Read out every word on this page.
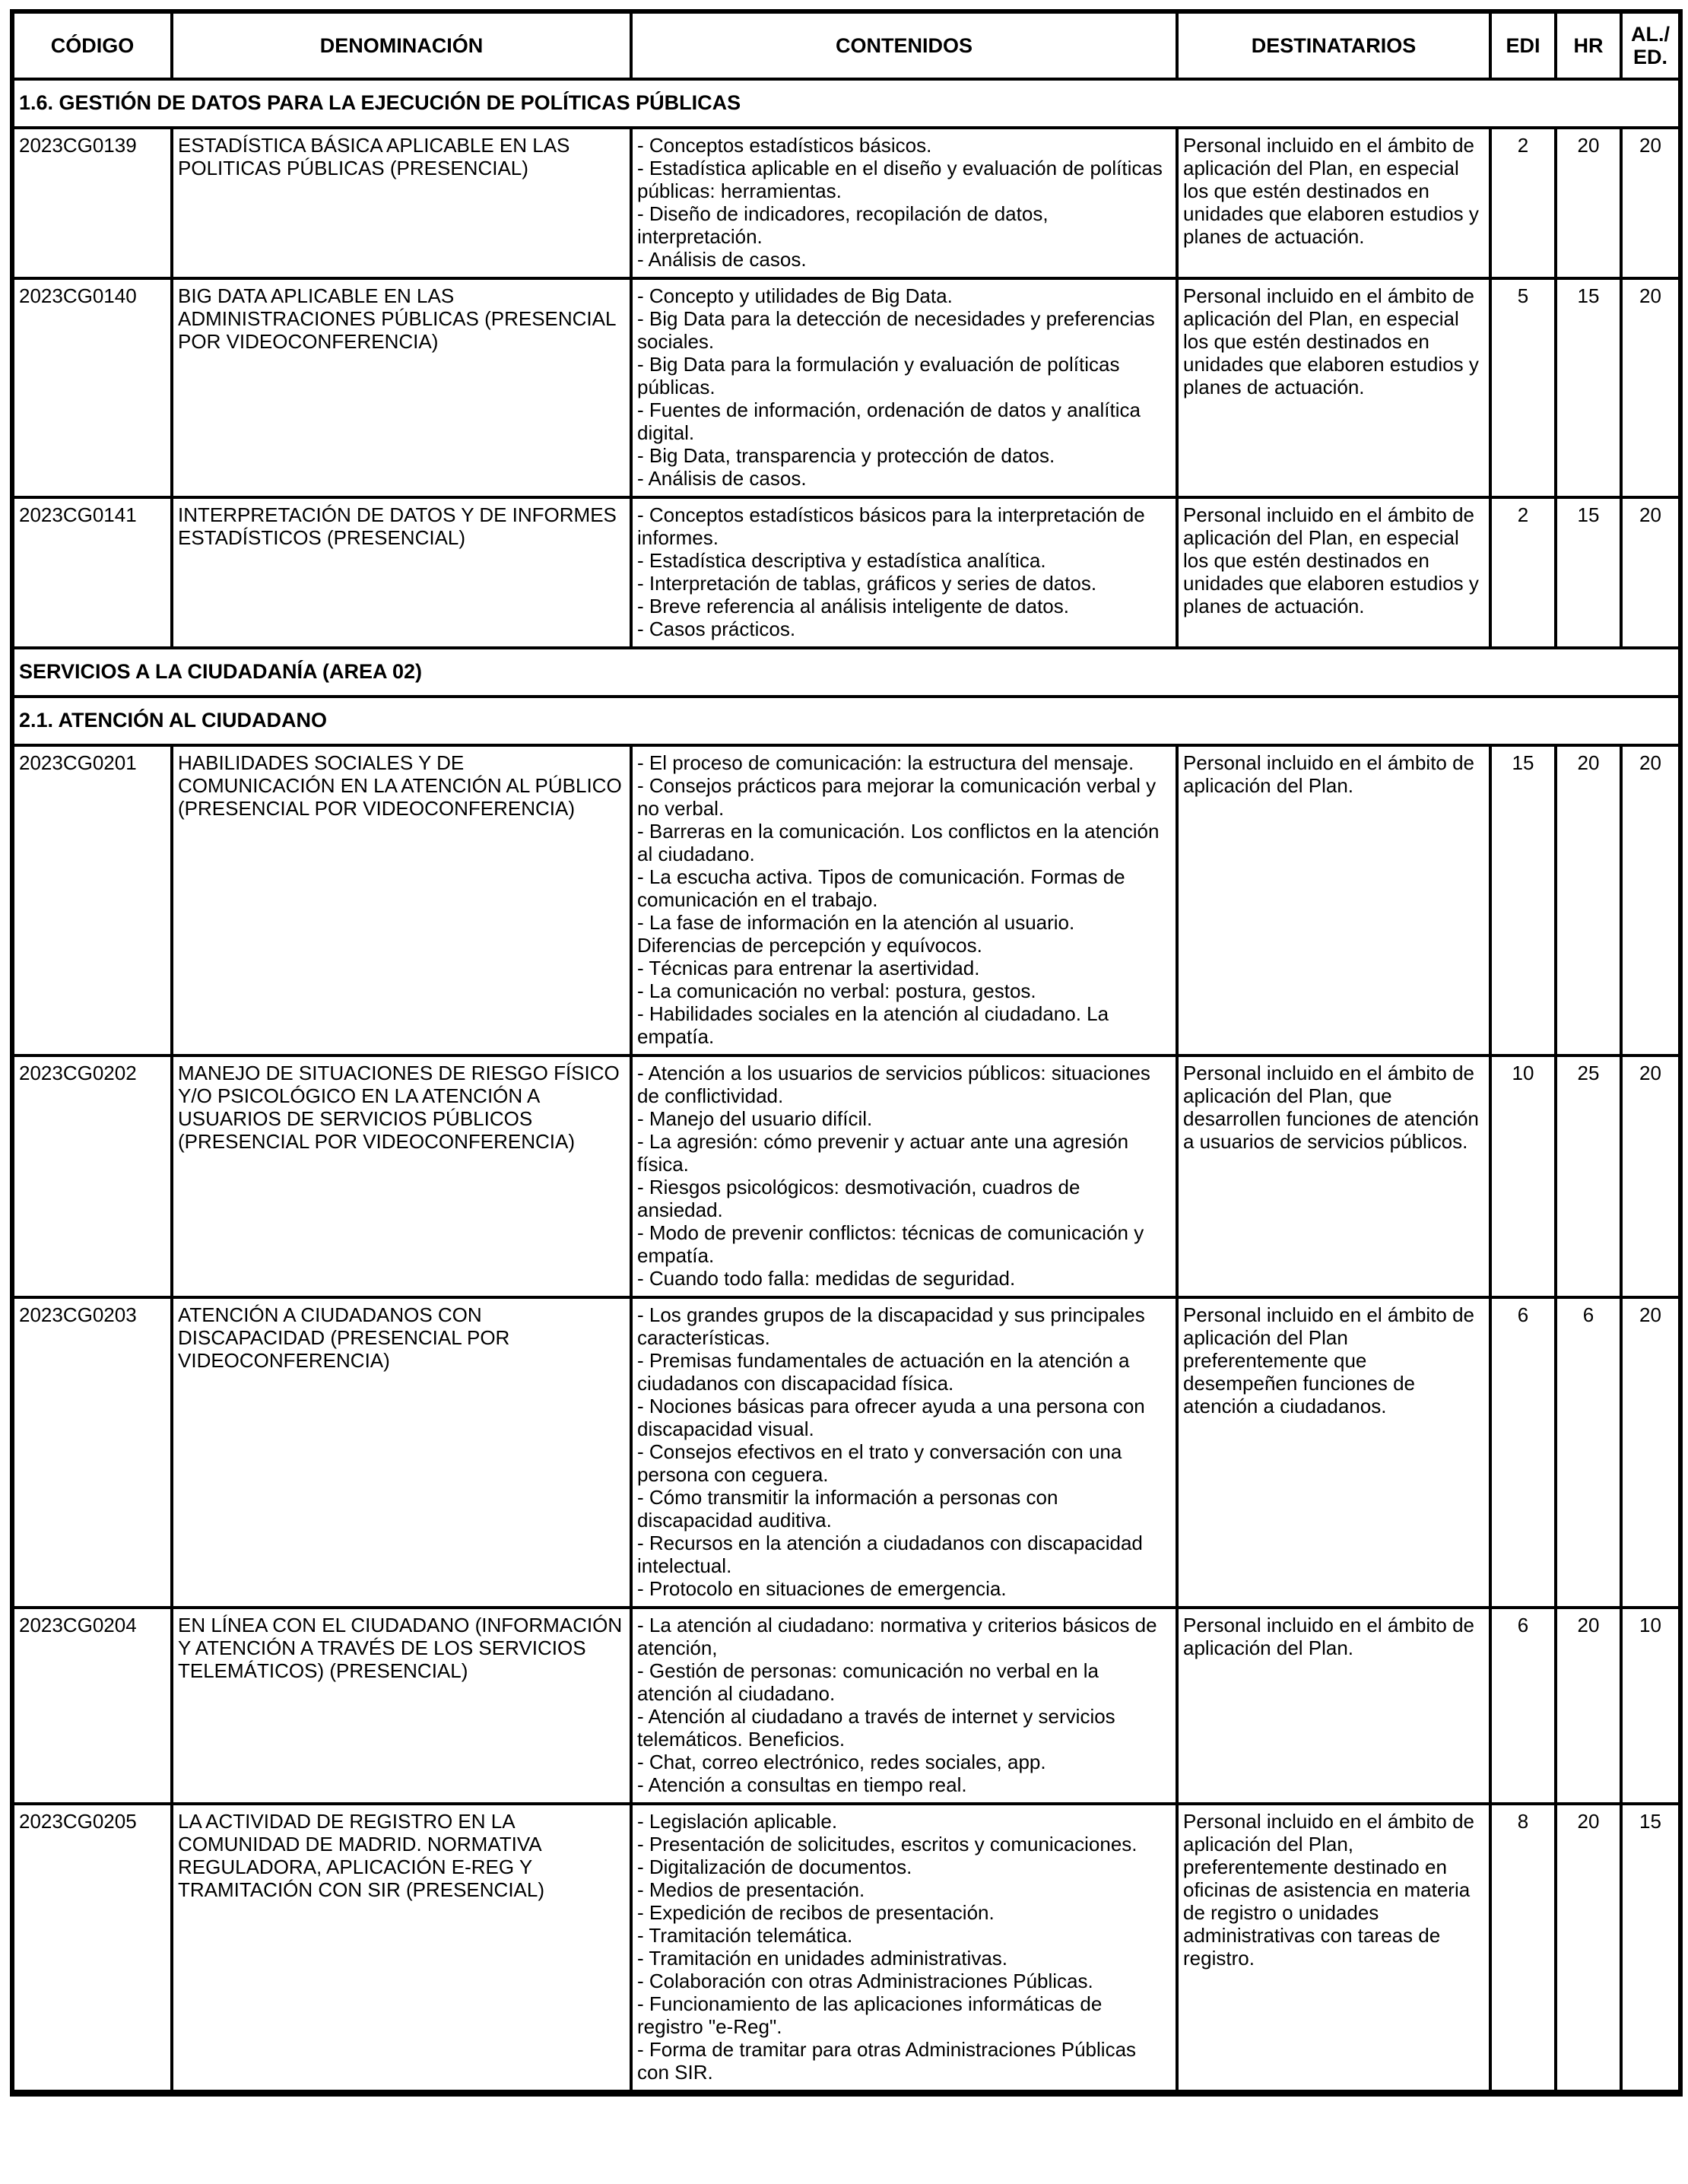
CÓDIGO	DENOMINACIÓN	CONTENIDOS	DESTINATARIOS	EDI	HR	AL./ ED.
1.6. GESTIÓN DE DATOS PARA LA EJECUCIÓN DE POLÍTICAS PÚBLICAS						
2023CG0139	ESTADÍSTICA BÁSICA APLICABLE EN LAS POLITICAS PÚBLICAS (PRESENCIAL)	- Conceptos estadísticos básicos.
- Estadística aplicable en el diseño y evaluación de políticas públicas: herramientas.
- Diseño de indicadores, recopilación de datos, interpretación.
- Análisis de casos.	Personal incluido en el ámbito de aplicación del Plan, en especial los que estén destinados en unidades que elaboren estudios y planes de actuación.	2	20	20
2023CG0140	BIG DATA APLICABLE EN LAS ADMINISTRACIONES PÚBLICAS (PRESENCIAL POR VIDEOCONFERENCIA)	
- Concepto y utilidades de Big Data.
- Big Data para la detección de necesidades y preferencias sociales.
- Big Data para la formulación y evaluación de políticas públicas.
- Fuentes de información, ordenación de datos y analítica digital.
- Big Data, transparencia y protección de datos.
- Análisis de casos.
	Personal incluido en el ámbito de aplicación del Plan, en especial los que estén destinados en unidades que elaboren estudios y planes de actuación.	5	15	20
2023CG0141	INTERPRETACIÓN DE DATOS Y DE INFORMES ESTADÍSTICOS (PRESENCIAL)	- Conceptos estadísticos básicos para la interpretación de informes.
- Estadística descriptiva y estadística analítica.
- Interpretación de tablas, gráficos y series de datos.
- Breve referencia al análisis inteligente de datos.
- Casos prácticos.	Personal incluido en el ámbito de aplicación del Plan, en especial los que estén destinados en unidades que elaboren estudios y planes de actuación.	2	15	20
SERVICIOS A LA CIUDADANÍA (AREA 02)						
2.1. ATENCIÓN AL CIUDADANO						
2023CG0201	HABILIDADES SOCIALES Y DE COMUNICACIÓN EN LA ATENCIÓN AL PÚBLICO (PRESENCIAL POR VIDEOCONFERENCIA)	
- El proceso de comunicación: la estructura del mensaje.
- Consejos prácticos para mejorar la comunicación verbal y no verbal.
- Barreras en la comunicación. Los conflictos en la atención al ciudadano.
- La escucha activa. Tipos de comunicación. Formas de comunicación en el trabajo.
- La fase de información en la atención al usuario. Diferencias de percepción y equívocos.
- Técnicas para entrenar la asertividad.
- La comunicación no verbal: postura, gestos.
- Habilidades sociales en la atención al ciudadano. La empatía.
	Personal incluido en el ámbito de aplicación del Plan.	15	20	20
2023CG0202	MANEJO DE SITUACIONES DE RIESGO FÍSICO Y/O PSICOLÓGICO EN LA ATENCIÓN A USUARIOS DE SERVICIOS PÚBLICOS (PRESENCIAL POR VIDEOCONFERENCIA)	
- Atención a los usuarios de servicios públicos: situaciones de conflictividad.
- Manejo del usuario difícil.
- La agresión: cómo prevenir y actuar ante una agresión física.
- Riesgos psicológicos: desmotivación, cuadros de ansiedad.
- Modo de prevenir conflictos: técnicas de comunicación y empatía.
- Cuando todo falla: medidas de seguridad.
	Personal incluido en el ámbito de aplicación del Plan, que desarrollen funciones de atención a usuarios de servicios públicos.	10	25	20
2023CG0203	ATENCIÓN A CIUDADANOS CON DISCAPACIDAD (PRESENCIAL POR VIDEOCONFERENCIA)	
- Los grandes grupos de la discapacidad y sus principales características.
- Premisas fundamentales de actuación en la atención a ciudadanos con discapacidad física.
- Nociones básicas para ofrecer ayuda a una persona con discapacidad visual.
- Consejos efectivos en el trato y conversación con una persona con ceguera.
- Cómo transmitir la información a personas con discapacidad auditiva.
- Recursos en la atención a ciudadanos con discapacidad intelectual.
- Protocolo en situaciones de emergencia.
	Personal incluido en el ámbito de aplicación del Plan preferentemente que desempeñen funciones de atención a ciudadanos.	6	6	20
2023CG0204	EN LÍNEA CON EL CIUDADANO (INFORMACIÓN Y ATENCIÓN A TRAVÉS DE LOS SERVICIOS TELEMÁTICOS) (PRESENCIAL)	- La atención al ciudadano: normativa y criterios básicos de atención,
- Gestión de personas: comunicación no verbal en la atención al ciudadano.
- Atención al ciudadano a través de internet y servicios telemáticos. Beneficios.
- Chat, correo electrónico, redes sociales, app.
- Atención a consultas en tiempo real.	Personal incluido en el ámbito de aplicación del Plan.	6	20	10
2023CG0205	LA ACTIVIDAD DE REGISTRO EN LA COMUNIDAD DE MADRID. NORMATIVA REGULADORA, APLICACIÓN E-REG Y TRAMITACIÓN CON SIR (PRESENCIAL)	
- Legislación aplicable.
- Presentación de solicitudes, escritos y comunicaciones.
- Digitalización de documentos.
- Medios de presentación.
- Expedición de recibos de presentación.
- Tramitación telemática.
- Tramitación en unidades administrativas.
- Colaboración con otras Administraciones Públicas.
- Funcionamiento de las aplicaciones informáticas de registro "e-Reg".
- Forma de tramitar para otras Administraciones Públicas con SIR.
	Personal incluido en el ámbito de aplicación del Plan, preferentemente destinado en oficinas de asistencia en materia de registro o unidades administrativas con tareas de registro.	8	20	15
